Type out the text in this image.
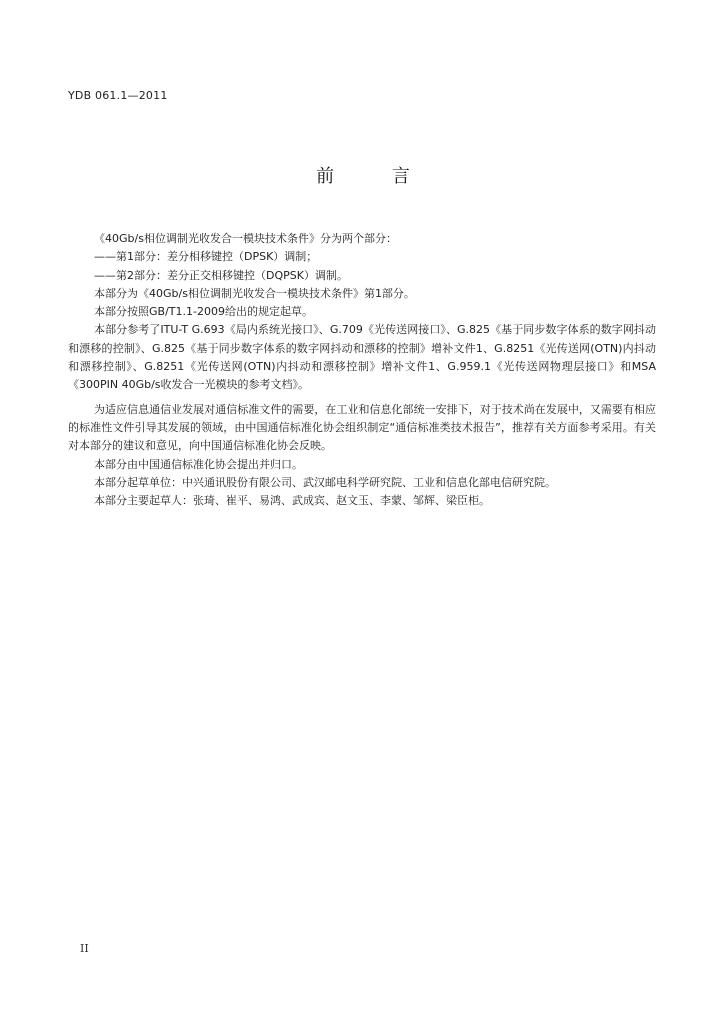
YDB 061.1—2011
前 言

《40Gb/s相位调制光收发合一模块技术条件》分为两个部分：

——第1部分：差分相移键控（DPSK）调制；

——第2部分：差分正交相移键控（DQPSK）调制。

本部分为《40Gb/s相位调制光收发合一模块技术条件》第1部分。

本部分按照GB/T1.1-2009给出的规定起草。

本部分参考了ITU-T G.693《局内系统光接口》、G.709《光传送网接口》、G.825《基于同步数字体系的数字网抖动和漂移的控制》、G.825《基于同步数字体系的数字网抖动和漂移的控制》增补文件1、G.8251《光传送网(OTN)内抖动和漂移控制》、G.8251《光传送网(OTN)内抖动和漂移控制》增补文件1、G.959.1《光传送网物理层接口》和MSA《300PIN 40Gb/s收发合一光模块的参考文档》。

为适应信息通信业发展对通信标准文件的需要，在工业和信息化部统一安排下，对于技术尚在发展中，又需要有相应的标准性文件引导其发展的领域，由中国通信标准化协会组织制定“通信标准类技术报告”，推荐有关方面参考采用。有关对本部分的建议和意见，向中国通信标准化协会反映。

本部分由中国通信标准化协会提出并归口。

本部分起草单位：中兴通讯股份有限公司、武汉邮电科学研究院、工业和信息化部电信研究院。

本部分主要起草人：张琦、崔平、易鸿、武成宾、赵文玉、李蒙、邹辉、梁臣柜。

II
